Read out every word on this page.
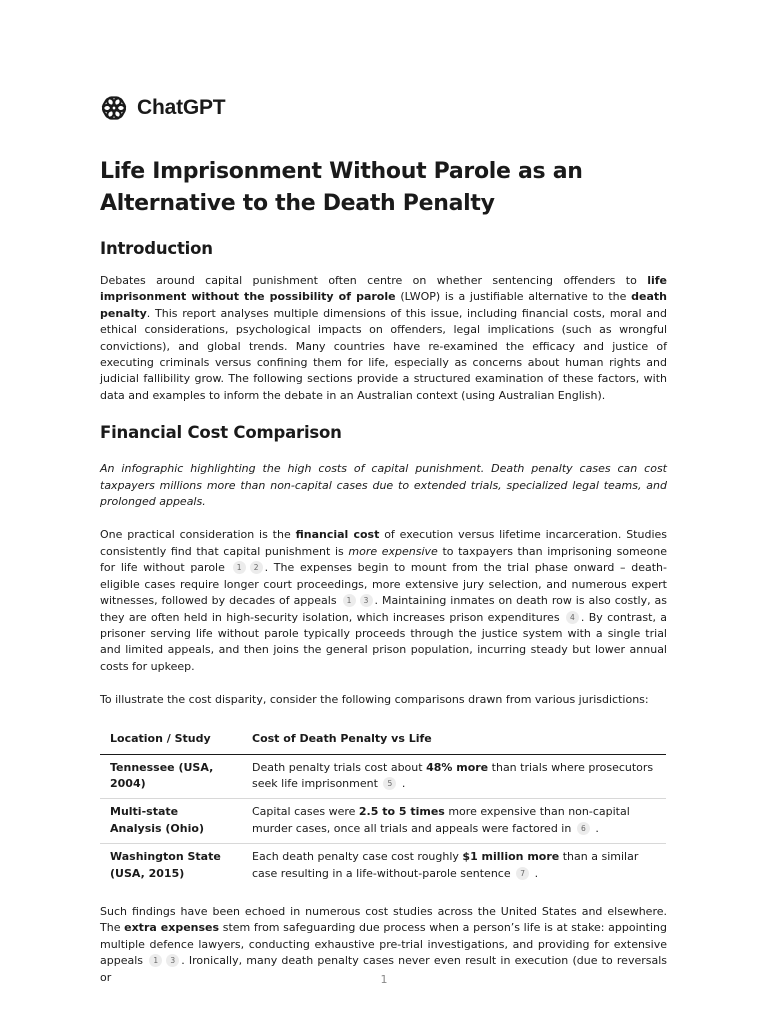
ChatGPT
Life Imprisonment Without Parole as an Alternative to the Death Penalty
Introduction

Debates around capital punishment often centre on whether sentencing offenders to life imprisonment without the possibility of parole (LWOP) is a justifiable alternative to the death penalty. This report analyses multiple dimensions of this issue, including financial costs, moral and ethical considerations, psychological impacts on offenders, legal implications (such as wrongful convictions), and global trends. Many countries have re-examined the efficacy and justice of executing criminals versus confining them for life, especially as concerns about human rights and judicial fallibility grow. The following sections provide a structured examination of these factors, with data and examples to inform the debate in an Australian context (using Australian English).

Financial Cost Comparison

An infographic highlighting the high costs of capital punishment. Death penalty cases can cost taxpayers millions more than non-capital cases due to extended trials, specialized legal teams, and prolonged appeals.

One practical consideration is the financial cost of execution versus lifetime incarceration. Studies consistently find that capital punishment is more expensive to taxpayers than imprisoning someone for life without parole 1 2 . The expenses begin to mount from the trial phase onward – death-eligible cases require longer court proceedings, more extensive jury selection, and numerous expert witnesses, followed by decades of appeals 1 3 . Maintaining inmates on death row is also costly, as they are often held in high-security isolation, which increases prison expenditures 4 . By contrast, a prisoner serving life without parole typically proceeds through the justice system with a single trial and limited appeals, and then joins the general prison population, incurring steady but lower annual costs for upkeep.

To illustrate the cost disparity, consider the following comparisons drawn from various jurisdictions:

Location / Study	Cost of Death Penalty vs Life
Tennessee (USA, 2004)	Death penalty trials cost about 48% more than trials where prosecutors seek life imprisonment 5 .
Multi-state Analysis (Ohio)	Capital cases were 2.5 to 5 times more expensive than non-capital murder cases, once all trials and appeals were factored in 6 .
Washington State (USA, 2015)	Each death penalty case cost roughly $1 million more than a similar case resulting in a life-without-parole sentence 7 .

Such findings have been echoed in numerous cost studies across the United States and elsewhere. The extra expenses stem from safeguarding due process when a person’s life is at stake: appointing multiple defence lawyers, conducting exhaustive pre-trial investigations, and providing for extensive appeals 1 3 . Ironically, many death penalty cases never even result in execution (due to reversals or	1
